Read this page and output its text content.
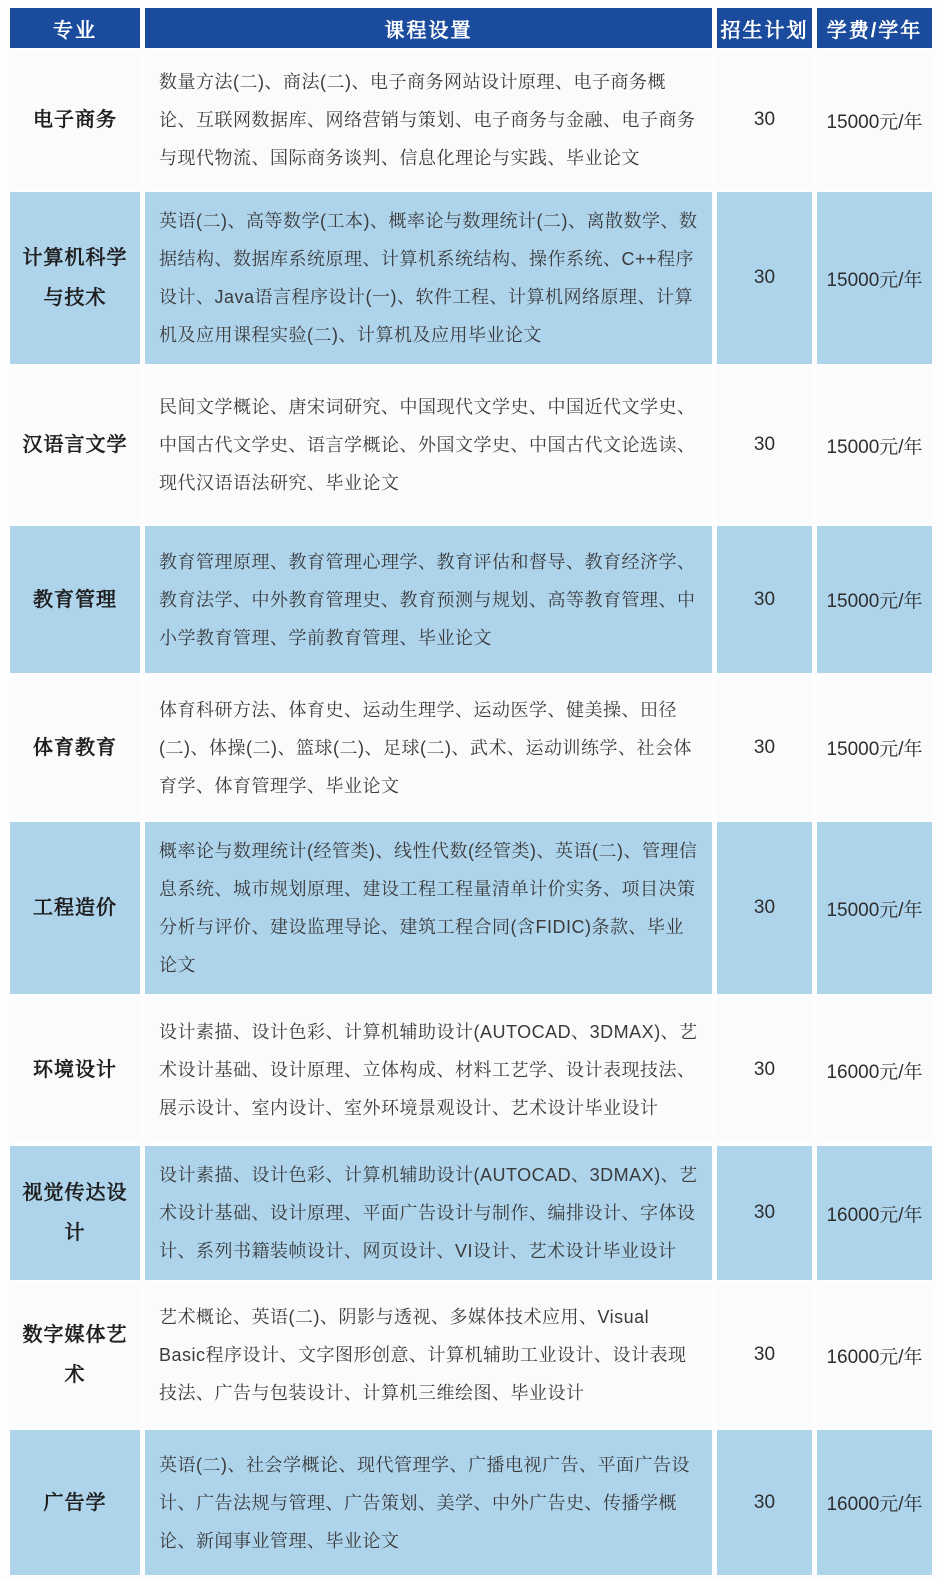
专业	课程设置	招生计划	学费/学年
电子商务	数量方法(二)、商法(二)、电子商务网站设计原理、电子商务概论、互联网数据库、网络营销与策划、电子商务与金融、电子商务与现代物流、国际商务谈判、信息化理论与实践、毕业论文	30	15000元/年
计算机科学与技术	英语(二)、高等数学(工本)、概率论与数理统计(二)、离散数学、数据结构、数据库系统原理、计算机系统结构、操作系统、C++程序设计、Java语言程序设计(一)、软件工程、计算机网络原理、计算机及应用课程实验(二)、计算机及应用毕业论文	30	15000元/年
汉语言文学	民间文学概论、唐宋词研究、中国现代文学史、中国近代文学史、中国古代文学史、语言学概论、外国文学史、中国古代文论选读、现代汉语语法研究、毕业论文	30	15000元/年
教育管理	教育管理原理、教育管理心理学、教育评估和督导、教育经济学、教育法学、中外教育管理史、教育预测与规划、高等教育管理、中小学教育管理、学前教育管理、毕业论文	30	15000元/年
体育教育	体育科研方法、体育史、运动生理学、运动医学、健美操、田径(二)、体操(二)、篮球(二)、足球(二)、武术、运动训练学、社会体育学、体育管理学、毕业论文	30	15000元/年
工程造价	概率论与数理统计(经管类)、线性代数(经管类)、英语(二)、管理信息系统、城市规划原理、建设工程工程量清单计价实务、项目决策分析与评价、建设监理导论、建筑工程合同(含FIDIC)条款、毕业论文	30	15000元/年
环境设计	设计素描、设计色彩、计算机辅助设计(AUTOCAD、3DMAX)、艺术设计基础、设计原理、立体构成、材料工艺学、设计表现技法、展示设计、室内设计、室外环境景观设计、艺术设计毕业设计	30	16000元/年
视觉传达设计	设计素描、设计色彩、计算机辅助设计(AUTOCAD、3DMAX)、艺术设计基础、设计原理、平面广告设计与制作、编排设计、字体设计、系列书籍装帧设计、网页设计、VI设计、艺术设计毕业设计	30	16000元/年
数字媒体艺术	艺术概论、英语(二)、阴影与透视、多媒体技术应用、Visual Basic程序设计、文字图形创意、计算机辅助工业设计、设计表现技法、广告与包装设计、计算机三维绘图、毕业设计	30	16000元/年
广告学	英语(二)、社会学概论、现代管理学、广播电视广告、平面广告设计、广告法规与管理、广告策划、美学、中外广告史、传播学概论、新闻事业管理、毕业论文	30	16000元/年
